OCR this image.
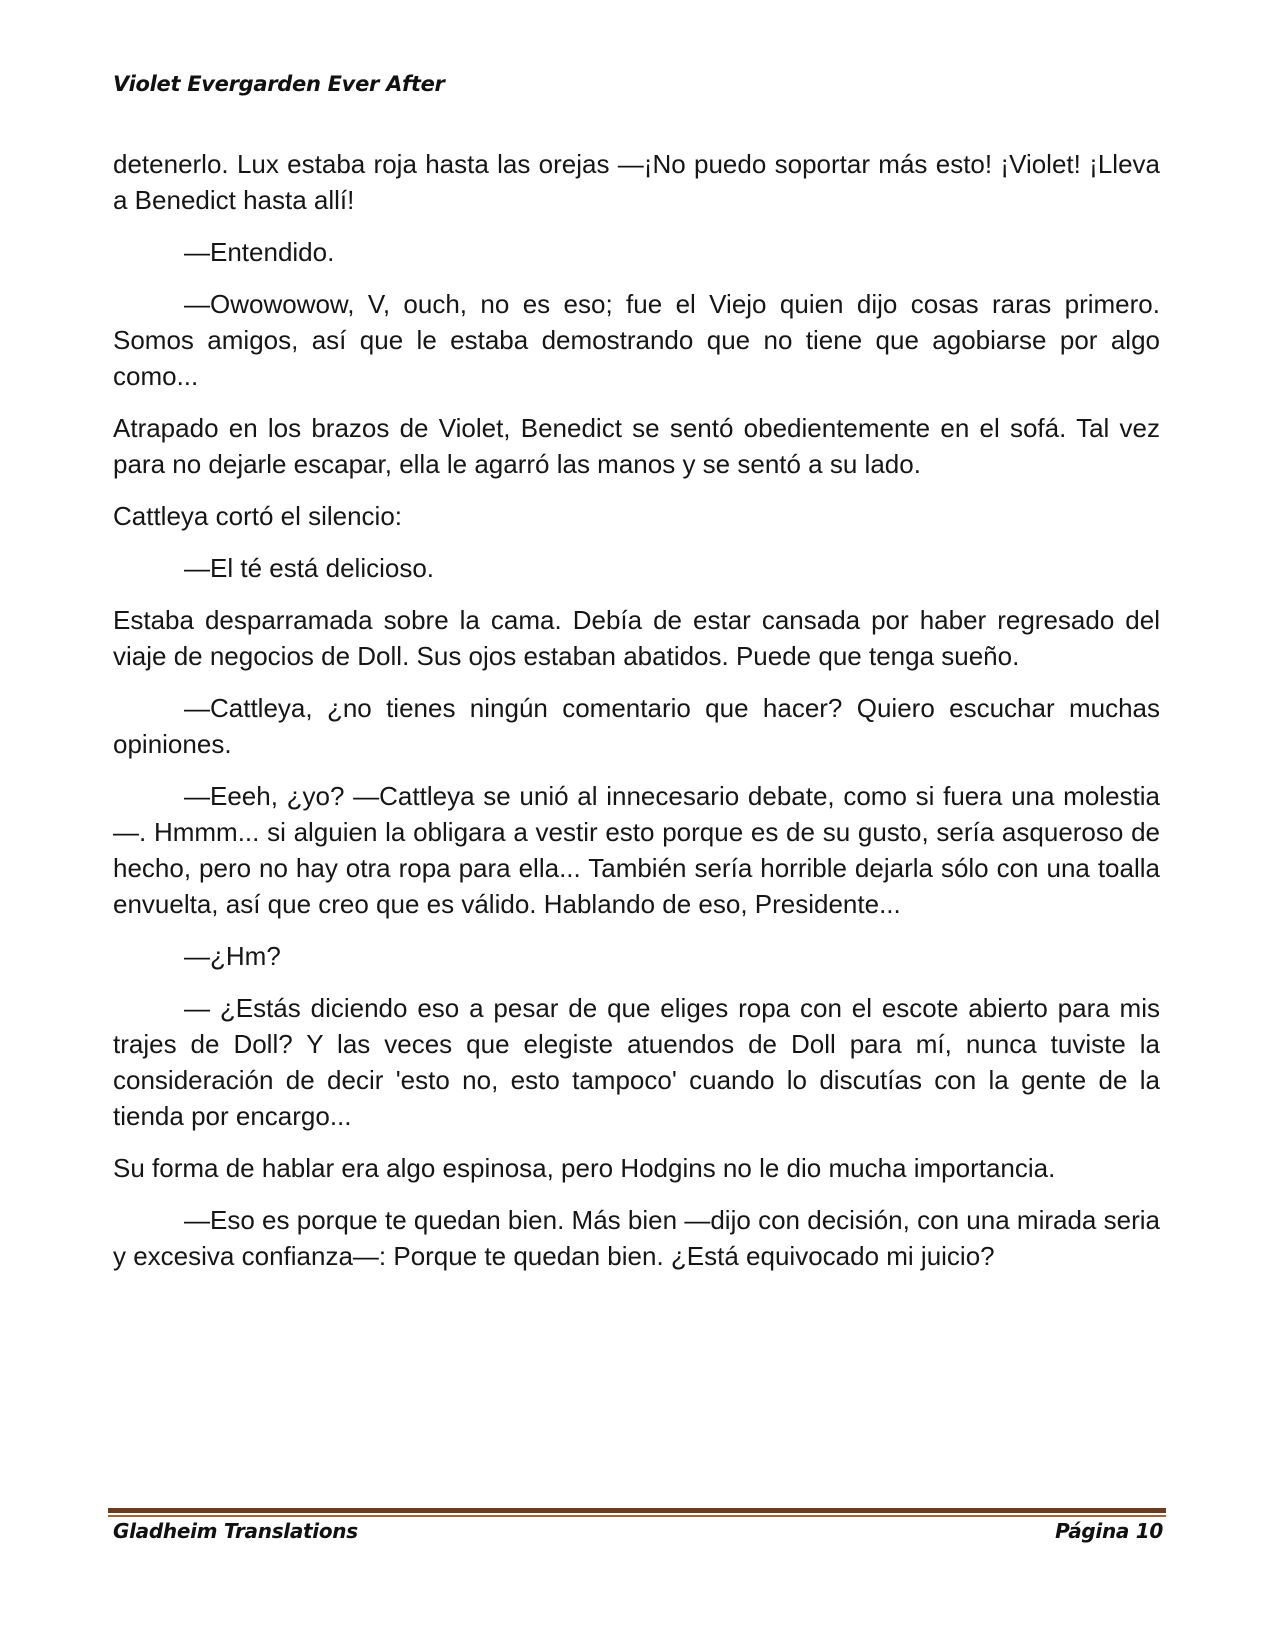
Violet Evergarden Ever After

detenerlo. Lux estaba roja hasta las orejas —¡No puedo soportar más esto! ¡Violet! ¡Lleva a Benedict hasta allí!

—Entendido.

—Owowowow, V, ouch, no es eso; fue el Viejo quien dijo cosas raras primero. Somos amigos, así que le estaba demostrando que no tiene que agobiarse por algo como...

Atrapado en los brazos de Violet, Benedict se sentó obedientemente en el sofá. Tal vez para no dejarle escapar, ella le agarró las manos y se sentó a su lado.

Cattleya cortó el silencio:

—El té está delicioso.

Estaba desparramada sobre la cama. Debía de estar cansada por haber regresado del viaje de negocios de Doll. Sus ojos estaban abatidos. Puede que tenga sueño.

—Cattleya, ¿no tienes ningún comentario que hacer? Quiero escuchar muchas opiniones.

—Eeeh, ¿yo? —Cattleya se unió al innecesario debate, como si fuera una molestia—. Hmmm... si alguien la obligara a vestir esto porque es de su gusto, sería asqueroso de hecho, pero no hay otra ropa para ella... También sería horrible dejarla sólo con una toalla envuelta, así que creo que es válido. Hablando de eso, Presidente...

—¿Hm?

— ¿Estás diciendo eso a pesar de que eliges ropa con el escote abierto para mis trajes de Doll? Y las veces que elegiste atuendos de Doll para mí, nunca tuviste la consideración de decir 'esto no, esto tampoco' cuando lo discutías con la gente de la tienda por encargo...

Su forma de hablar era algo espinosa, pero Hodgins no le dio mucha importancia.

—Eso es porque te quedan bien. Más bien —dijo con decisión, con una mirada seria y excesiva confianza—: Porque te quedan bien. ¿Está equivocado mi juicio?

Gladheim Translations	Página 10
